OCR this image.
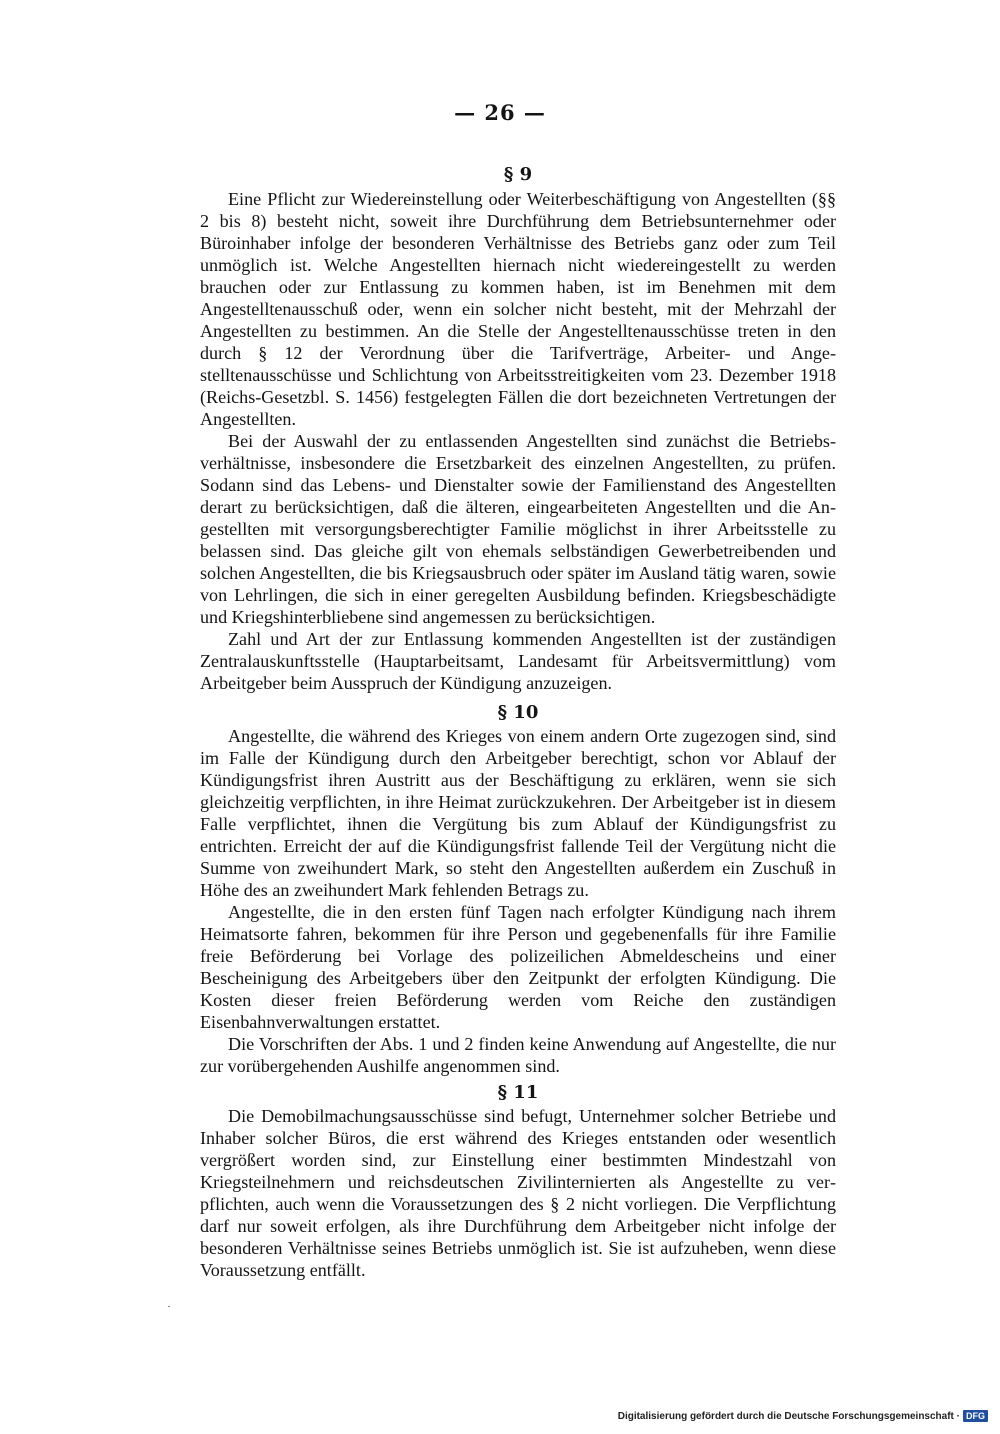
— 26 —
§ 9

Eine Pflicht zur Wiedereinstellung oder Weiterbeschäftigung von Angestellten (§§ 2 bis 8) besteht nicht, soweit ihre Durchführung dem Betriebsunternehmer oder Büroinhaber infolge der besonderen Verhältnisse des Betriebs ganz oder zum Teil unmöglich ist. Welche Angestellten hiernach nicht wiedereingestellt zu werden brauchen oder zur Entlassung zu kommen haben, ist im Benehmen mit dem Angestelltenausschuß oder, wenn ein solcher nicht besteht, mit der Mehrzahl der Angestellten zu bestimmen. An die Stelle der Angestelltenausschüsse treten in den durch § 12 der Verordnung über die Tarifverträge, Arbeiter- und Angestelltenausschüsse und Schlichtung von Arbeitsstreitigkeiten vom 23. Dezember 1918 (Reichs-Gesetzbl. S. 1456) festgelegten Fällen die dort bezeichneten Vertretungen der Angestellten.

Bei der Auswahl der zu entlassenden Angestellten sind zunächst die Betriebsverhältnisse, insbesondere die Ersetzbarkeit des einzelnen Angestellten, zu prüfen. Sodann sind das Lebens- und Dienstalter sowie der Familienstand des Angestellten derart zu berücksichtigen, daß die älteren, eingearbeiteten Angestellten und die Angestellten mit versorgungsberechtigter Familie möglichst in ihrer Arbeitsstelle zu belassen sind. Das gleiche gilt von ehemals selbständigen Gewerbetreibenden und solchen Angestellten, die bis Kriegsausbruch oder später im Ausland tätig waren, sowie von Lehrlingen, die sich in einer geregelten Ausbildung befinden. Kriegsbeschädigte und Kriegshinterbliebene sind angemessen zu berücksichtigen.

Zahl und Art der zur Entlassung kommenden Angestellten ist der zuständigen Zentralauskunftsstelle (Hauptarbeitsamt, Landesamt für Arbeitsvermittlung) vom Arbeitgeber beim Ausspruch der Kündigung anzuzeigen.

§ 10

Angestellte, die während des Krieges von einem andern Orte zugezogen sind, sind im Falle der Kündigung durch den Arbeitgeber berechtigt, schon vor Ablauf der Kündigungsfrist ihren Austritt aus der Beschäftigung zu erklären, wenn sie sich gleichzeitig verpflichten, in ihre Heimat zurückzukehren. Der Arbeitgeber ist in diesem Falle verpflichtet, ihnen die Vergütung bis zum Ablauf der Kündigungsfrist zu entrichten. Erreicht der auf die Kündigungsfrist fallende Teil der Vergütung nicht die Summe von zweihundert Mark, so steht den Angestellten außerdem ein Zuschuß in Höhe des an zweihundert Mark fehlenden Betrags zu.

Angestellte, die in den ersten fünf Tagen nach erfolgter Kündigung nach ihrem Heimatsorte fahren, bekommen für ihre Person und gegebenenfalls für ihre Familie freie Beförderung bei Vorlage des polizeilichen Abmeldescheins und einer Bescheinigung des Arbeitgebers über den Zeitpunkt der erfolgten Kündigung. Die Kosten dieser freien Beförderung werden vom Reiche den zuständigen Eisenbahnverwaltungen erstattet.

Die Vorschriften der Abs. 1 und 2 finden keine Anwendung auf Angestellte, die nur zur vorübergehenden Aushilfe angenommen sind.

§ 11

Die Demobilmachungsausschüsse sind befugt, Unternehmer solcher Betriebe und Inhaber solcher Büros, die erst während des Krieges entstanden oder wesentlich vergrößert worden sind, zur Einstellung einer bestimmten Mindestzahl von Kriegsteilnehmern und reichsdeutschen Zivilinternierten als Angestellte zu verpflichten, auch wenn die Voraussetzungen des § 2 nicht vorliegen. Die Verpflichtung darf nur soweit erfolgen, als ihre Durchführung dem Arbeitgeber nicht infolge der besonderen Verhältnisse seines Betriebs unmöglich ist. Sie ist aufzuheben, wenn diese Voraussetzung entfällt.

Digitalisierung gefördert durch die Deutsche Forschungsgemeinschaft · DFG
